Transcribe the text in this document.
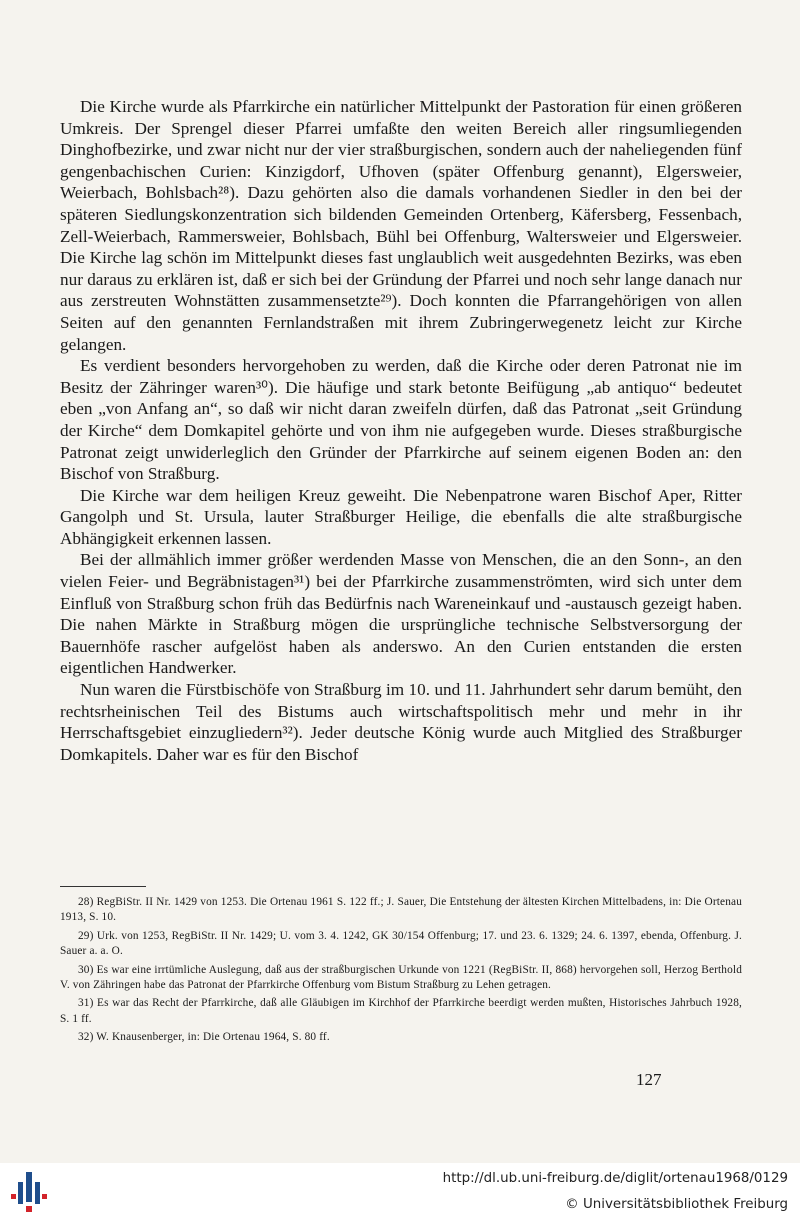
Die Kirche wurde als Pfarrkirche ein natürlicher Mittelpunkt der Pastoration für einen größeren Umkreis. Der Sprengel dieser Pfarrei umfaßte den weiten Bereich aller ringsumliegenden Dinghofbezirke, und zwar nicht nur der vier straßburgischen, sondern auch der naheliegenden fünf gengenbachischen Curien: Kinzigdorf, Ufhoven (später Offenburg genannt), Elgersweier, Weierbach, Bohlsbach²⁸). Dazu gehörten also die damals vorhandenen Siedler in den bei der späteren Siedlungskonzentration sich bildenden Gemeinden Ortenberg, Käfersberg, Fessenbach, Zell-Weierbach, Rammersweier, Bohlsbach, Bühl bei Offenburg, Waltersweier und Elgersweier. Die Kirche lag schön im Mittelpunkt dieses fast unglaublich weit ausgedehnten Bezirks, was eben nur daraus zu erklären ist, daß er sich bei der Gründung der Pfarrei und noch sehr lange danach nur aus zerstreuten Wohnstätten zusammensetzte²⁹). Doch konnten die Pfarrangehörigen von allen Seiten auf den genannten Fernlandstraßen mit ihrem Zubringerwegenetz leicht zur Kirche gelangen.

Es verdient besonders hervorgehoben zu werden, daß die Kirche oder deren Patronat nie im Besitz der Zähringer waren³⁰). Die häufige und stark betonte Beifügung „ab antiquo“ bedeutet eben „von Anfang an“, so daß wir nicht daran zweifeln dürfen, daß das Patronat „seit Gründung der Kirche“ dem Domkapitel gehörte und von ihm nie aufgegeben wurde. Dieses straßburgische Patronat zeigt unwiderleglich den Gründer der Pfarrkirche auf seinem eigenen Boden an: den Bischof von Straßburg.

Die Kirche war dem heiligen Kreuz geweiht. Die Nebenpatrone waren Bischof Aper, Ritter Gangolph und St. Ursula, lauter Straßburger Heilige, die ebenfalls die alte straßburgische Abhängigkeit erkennen lassen.

Bei der allmählich immer größer werdenden Masse von Menschen, die an den Sonn-, an den vielen Feier- und Begräbnistagen³¹) bei der Pfarrkirche zusammenströmten, wird sich unter dem Einfluß von Straßburg schon früh das Bedürfnis nach Wareneinkauf und -austausch gezeigt haben. Die nahen Märkte in Straßburg mögen die ursprüngliche technische Selbstversorgung der Bauernhöfe rascher aufgelöst haben als anderswo. An den Curien entstanden die ersten eigentlichen Handwerker.

Nun waren die Fürstbischöfe von Straßburg im 10. und 11. Jahrhundert sehr darum bemüht, den rechtsrheinischen Teil des Bistums auch wirtschaftspolitisch mehr und mehr in ihr Herrschaftsgebiet einzugliedern³²). Jeder deutsche König wurde auch Mitglied des Straßburger Domkapitels. Daher war es für den Bischof

28) RegBiStr. II Nr. 1429 von 1253. Die Ortenau 1961 S. 122 ff.; J. Sauer, Die Entstehung der ältesten Kirchen Mittelbadens, in: Die Ortenau 1913, S. 10.

29) Urk. von 1253, RegBiStr. II Nr. 1429; U. vom 3. 4. 1242, GK 30/154 Offenburg; 17. und 23. 6. 1329; 24. 6. 1397, ebenda, Offenburg. J. Sauer a. a. O.

30) Es war eine irrtümliche Auslegung, daß aus der straßburgischen Urkunde von 1221 (RegBiStr. II, 868) hervorgehen soll, Herzog Berthold V. von Zähringen habe das Patronat der Pfarrkirche Offenburg vom Bistum Straßburg zu Lehen getragen.

31) Es war das Recht der Pfarrkirche, daß alle Gläubigen im Kirchhof der Pfarrkirche beerdigt werden mußten, Historisches Jahrbuch 1928, S. 1 ff.

32) W. Knausenberger, in: Die Ortenau 1964, S. 80 ff.

127
http://dl.ub.uni-freiburg.de/diglit/ortenau1968/0129
© Universitätsbibliothek Freiburg
